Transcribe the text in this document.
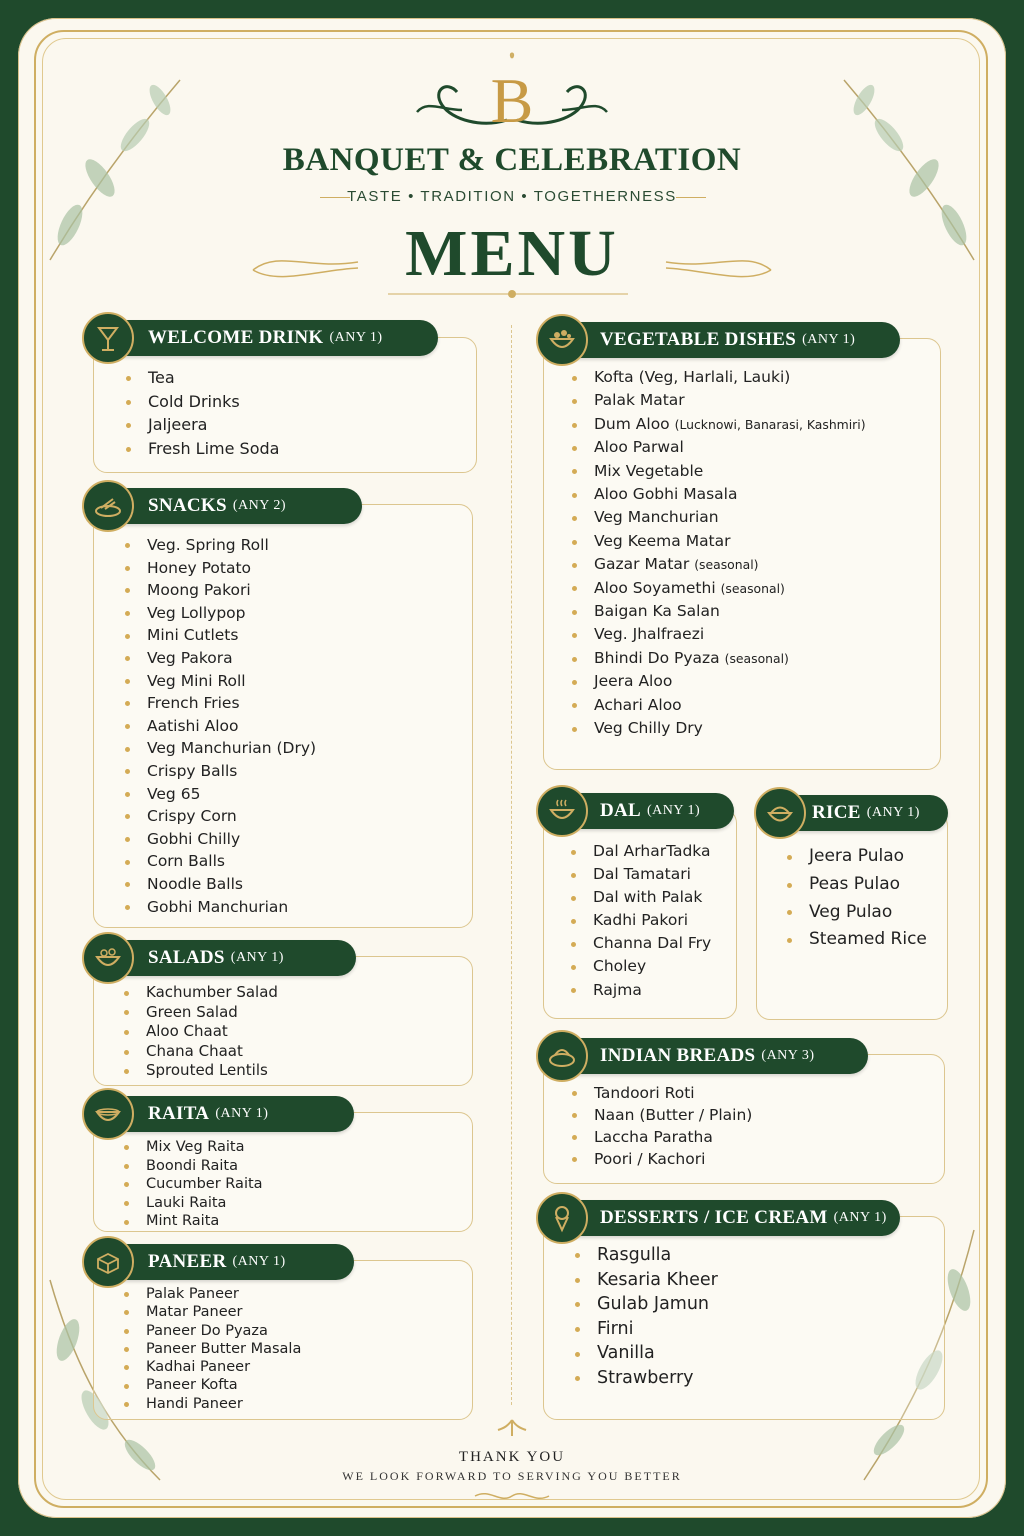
B
BANQUET & CELEBRATION
TASTE • TRADITION • TOGETHERNESS
MENU
WELCOME DRINK (ANY 1)
Tea
Cold Drinks
Jaljeera
Fresh Lime Soda
SNACKS (ANY 2)
Veg. Spring Roll
Honey Potato
Moong Pakori
Veg Lollypop
Mini Cutlets
Veg Pakora
Veg Mini Roll
French Fries
Aatishi Aloo
Veg Manchurian (Dry)
Crispy Balls
Veg 65
Crispy Corn
Gobhi Chilly
Corn Balls
Noodle Balls
Gobhi Manchurian
SALADS (ANY 1)
Kachumber Salad
Green Salad
Aloo Chaat
Chana Chaat
Sprouted Lentils
RAITA (ANY 1)
Mix Veg Raita
Boondi Raita
Cucumber Raita
Lauki Raita
Mint Raita
PANEER (ANY 1)
Palak Paneer
Matar Paneer
Paneer Do Pyaza
Paneer Butter Masala
Kadhai Paneer
Paneer Kofta
Handi Paneer
VEGETABLE DISHES (ANY 1)
Kofta (Veg, Harlali, Lauki)
Palak Matar
Dum Aloo (Lucknowi, Banarasi, Kashmiri)
Aloo Parwal
Mix Vegetable
Aloo Gobhi Masala
Veg Manchurian
Veg Keema Matar
Gazar Matar (seasonal)
Aloo Soyamethi (seasonal)
Baigan Ka Salan
Veg. Jhalfraezi
Bhindi Do Pyaza (seasonal)
Jeera Aloo
Achari Aloo
Veg Chilly Dry
DAL (ANY 1)
Dal ArharTadka
Dal Tamatari
Dal with Palak
Kadhi Pakori
Channa Dal Fry
Choley
Rajma
RICE (ANY 1)
Jeera Pulao
Peas Pulao
Veg Pulao
Steamed Rice
INDIAN BREADS (ANY 3)
Tandoori Roti
Naan (Butter / Plain)
Laccha Paratha
Poori / Kachori
DESSERTS / ICE CREAM (ANY 1)
Rasgulla
Kesaria Kheer
Gulab Jamun
Firni
Vanilla
Strawberry
THANK YOU
WE LOOK FORWARD TO SERVING YOU BETTER
